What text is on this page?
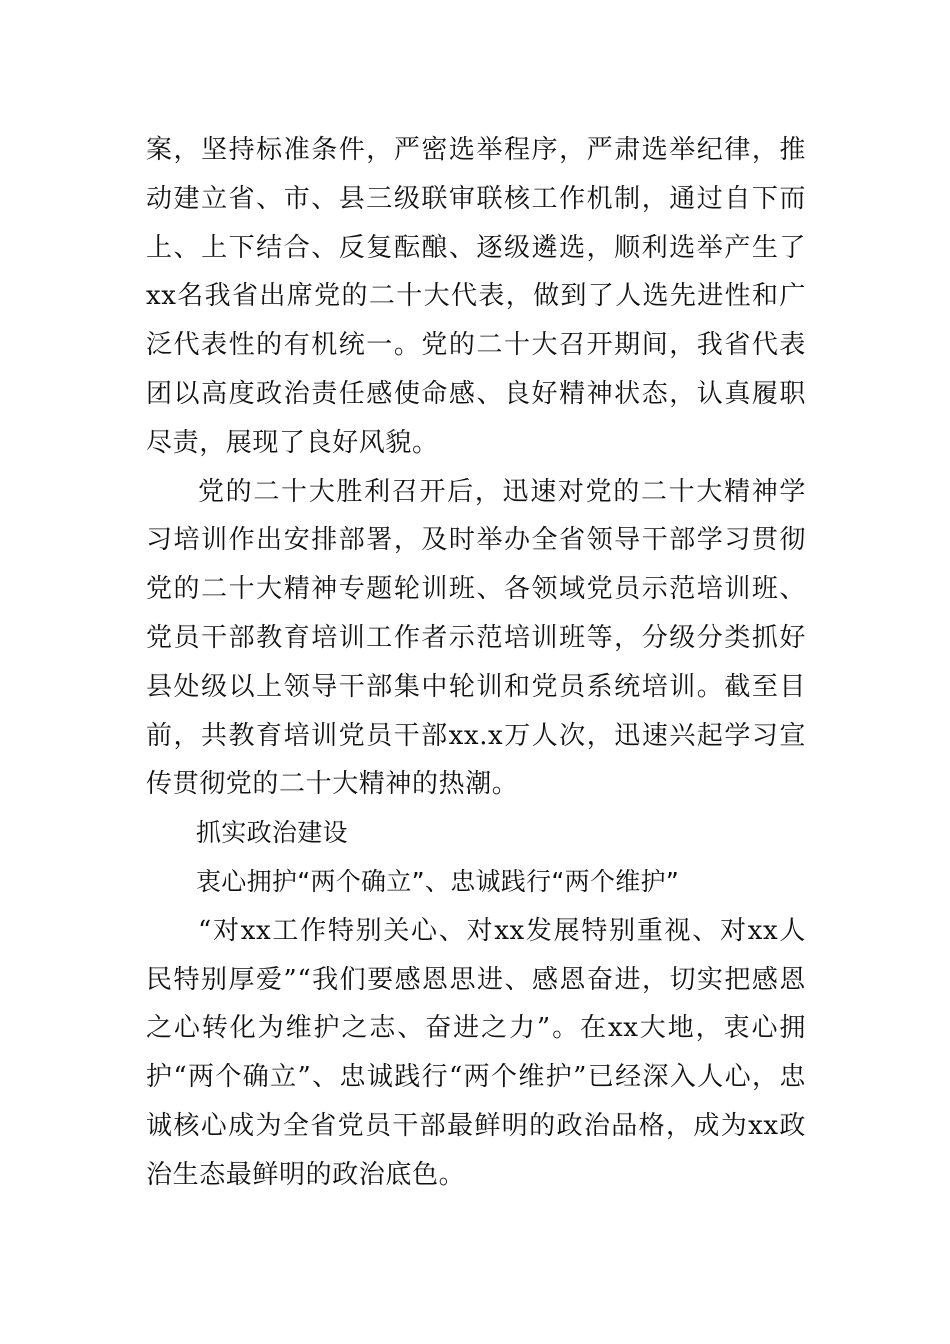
案，坚持标准条件，严密选举程序，严肃选举纪律，推动建立省、市、县三级联审联核工作机制，通过自下而上、上下结合、反复酝酿、逐级遴选，顺利选举产生了xx名我省出席党的二十大代表，做到了人选先进性和广泛代表性的有机统一。党的二十大召开期间，我省代表团以高度政治责任感使命感、良好精神状态，认真履职尽责，展现了良好风貌。

党的二十大胜利召开后，迅速对党的二十大精神学习培训作出安排部署，及时举办全省领导干部学习贯彻党的二十大精神专题轮训班、各领域党员示范培训班、党员干部教育培训工作者示范培训班等，分级分类抓好县处级以上领导干部集中轮训和党员系统培训。截至目前，共教育培训党员干部xx.x万人次，迅速兴起学习宣传贯彻党的二十大精神的热潮。

抓实政治建设

衷心拥护“两个确立”、忠诚践行“两个维护”

“对xx工作特别关心、对xx发展特别重视、对xx人民特别厚爱”“我们要感恩思进、感恩奋进，切实把感恩之心转化为维护之志、奋进之力”。在xx大地，衷心拥护“两个确立”、忠诚践行“两个维护”已经深入人心，忠诚核心成为全省党员干部最鲜明的政治品格，成为xx政治生态最鲜明的政治底色。
